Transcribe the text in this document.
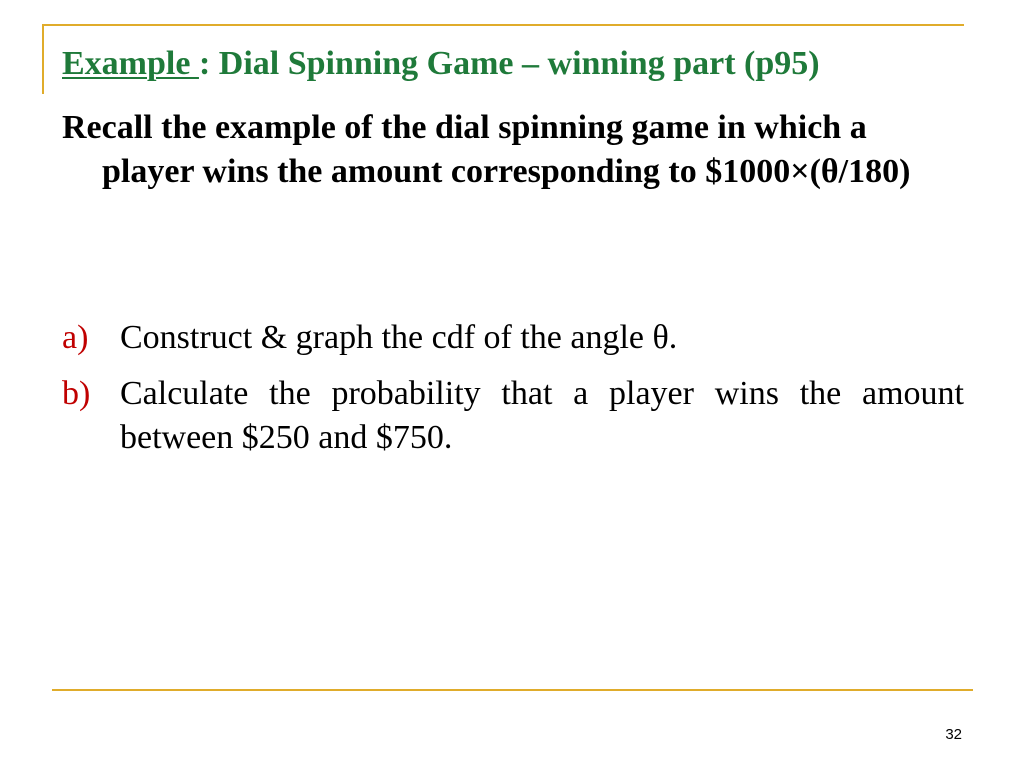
Example : Dial Spinning Game – winning part (p95)

Recall the example of the dial spinning game in which a player wins the amount corresponding to $1000×(θ/180)

a) Construct & graph the cdf of the angle θ.
b) Calculate the probability that a player wins the amount between $250 and $750.
32
